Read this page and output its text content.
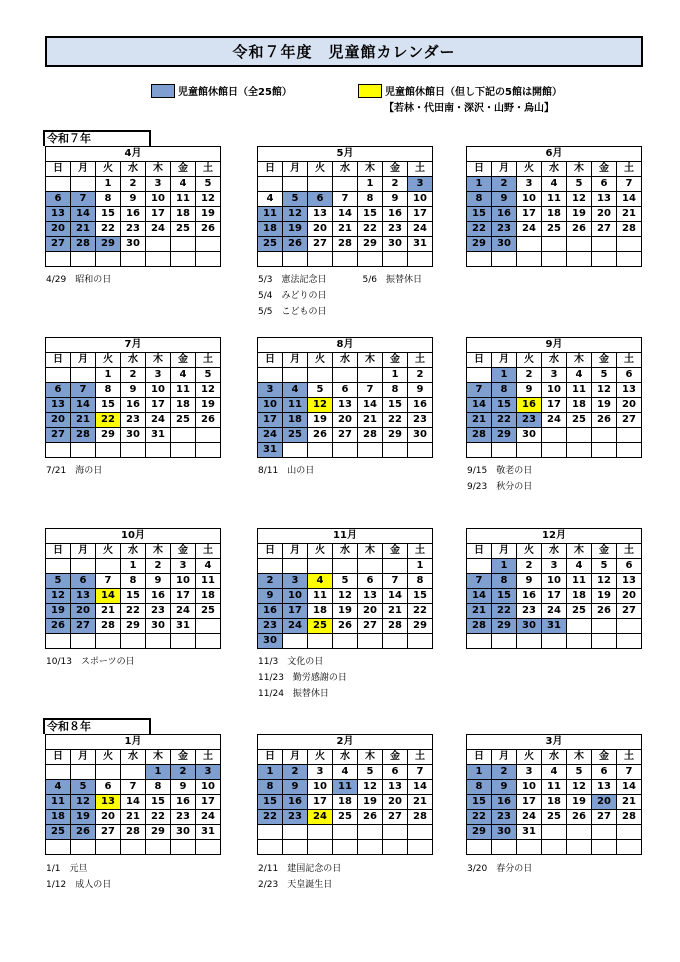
令和７年度　児童館カレンダー
児童館休館日（全25館）	児童館休館日（但し下記の5館は開館）
【若林・代田南・深沢・山野・烏山】
令和７年
令和８年
4月						
日	月	火	水	木	金	土
		1	2	3	4	5
6	7	8	9	10	11	12
13	14	15	16	17	18	19
20	21	22	23	24	25	26
27	28	29	30			

4/29　昭和の日
5月						
日	月	火	水	木	金	土
				1	2	3
4	5	6	7	8	9	10
11	12	13	14	15	16	17
18	19	20	21	22	23	24
25	26	27	28	29	30	31

5/3　憲法記念日　　　　5/6　振替休日
5/4　みどりの日
5/5　こどもの日
6月						
日	月	火	水	木	金	土
1	2	3	4	5	6	7
8	9	10	11	12	13	14
15	16	17	18	19	20	21
22	23	24	25	26	27	28
29	30					

7月						
日	月	火	水	木	金	土
		1	2	3	4	5
6	7	8	9	10	11	12
13	14	15	16	17	18	19
20	21	22	23	24	25	26
27	28	29	30	31		

7/21　海の日
8月						
日	月	火	水	木	金	土
					1	2
3	4	5	6	7	8	9
10	11	12	13	14	15	16
17	18	19	20	21	22	23
24	25	26	27	28	29	30
31						
8/11　山の日
9月						
日	月	火	水	木	金	土
	1	2	3	4	5	6
7	8	9	10	11	12	13
14	15	16	17	18	19	20
21	22	23	24	25	26	27
28	29	30				

9/15　敬老の日
9/23　秋分の日
10月						
日	月	火	水	木	金	土
			1	2	3	4
5	6	7	8	9	10	11
12	13	14	15	16	17	18
19	20	21	22	23	24	25
26	27	28	29	30	31	

10/13　スポーツの日
11月						
日	月	火	水	木	金	土
						1
2	3	4	5	6	7	8
9	10	11	12	13	14	15
16	17	18	19	20	21	22
23	24	25	26	27	28	29
30						
11/3　文化の日
11/23　勤労感謝の日
11/24　振替休日
12月						
日	月	火	水	木	金	土
	1	2	3	4	5	6
7	8	9	10	11	12	13
14	15	16	17	18	19	20
21	22	23	24	25	26	27
28	29	30	31			

1月						
日	月	火	水	木	金	土
				1	2	3
4	5	6	7	8	9	10
11	12	13	14	15	16	17
18	19	20	21	22	23	24
25	26	27	28	29	30	31

1/1　元旦
1/12　成人の日
2月						
日	月	火	水	木	金	土
1	2	3	4	5	6	7
8	9	10	11	12	13	14
15	16	17	18	19	20	21
22	23	24	25	26	27	28

2/11　建国記念の日
2/23　天皇誕生日
3月						
日	月	火	水	木	金	土
1	2	3	4	5	6	7
8	9	10	11	12	13	14
15	16	17	18	19	20	21
22	23	24	25	26	27	28
29	30	31				

3/20　春分の日
